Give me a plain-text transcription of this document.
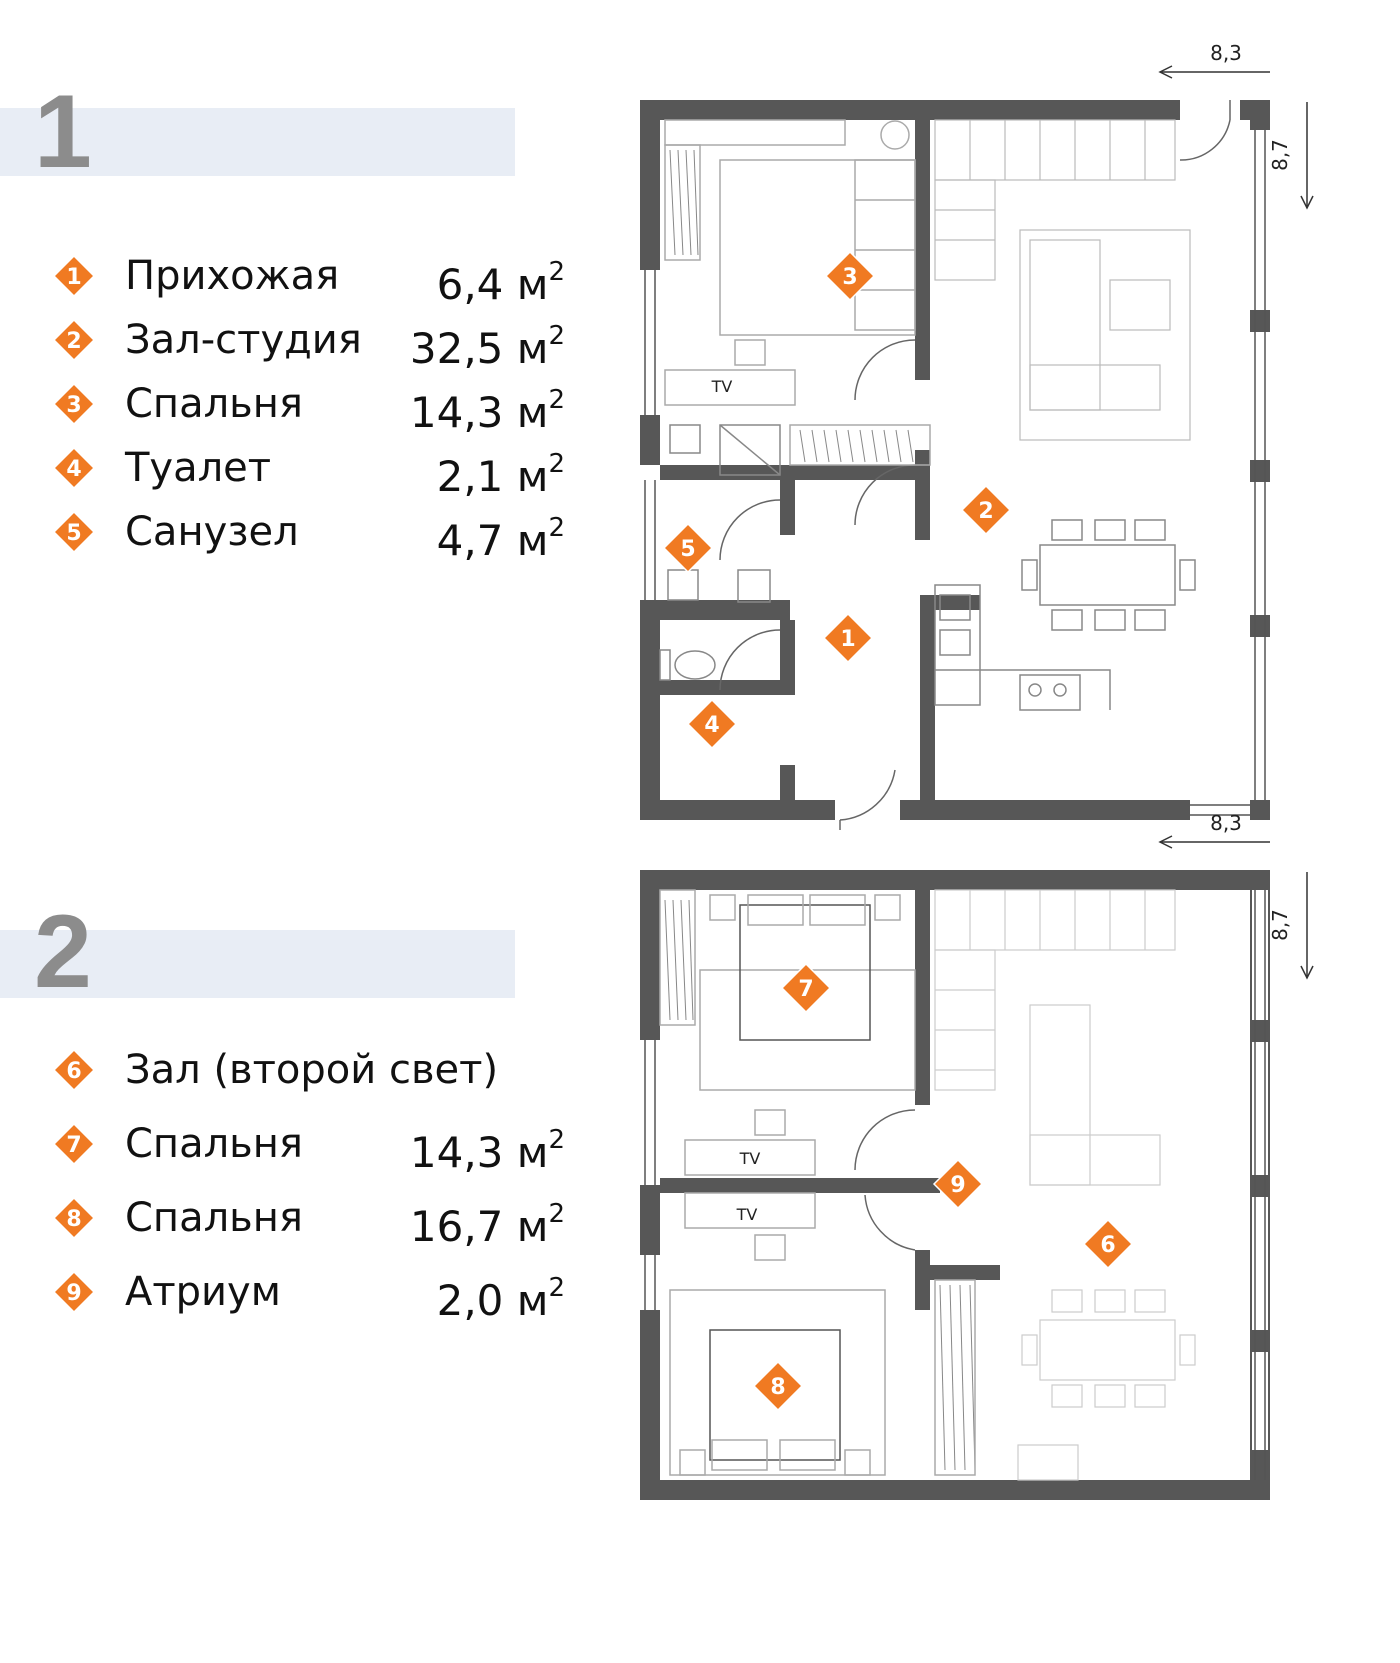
1
1 Прихожая 6,4 $м^2$
2 Зал-студия 32,5 $м^2$
3 Спальня	14,3 $м^2$
4 Туалет	2,1 $м^2$
5 Санузел	4,7 $м^2$
2
6 Зал (второй свет)
7 Спальня	14,3 $м^2$
8 Спальня	16,7 $м^2$
9 Атриум	2,0 $м^2$
8,3
8,7
TV
3
2
5
1
4
8,3
8,7
TV
TV
7
9
6
8
